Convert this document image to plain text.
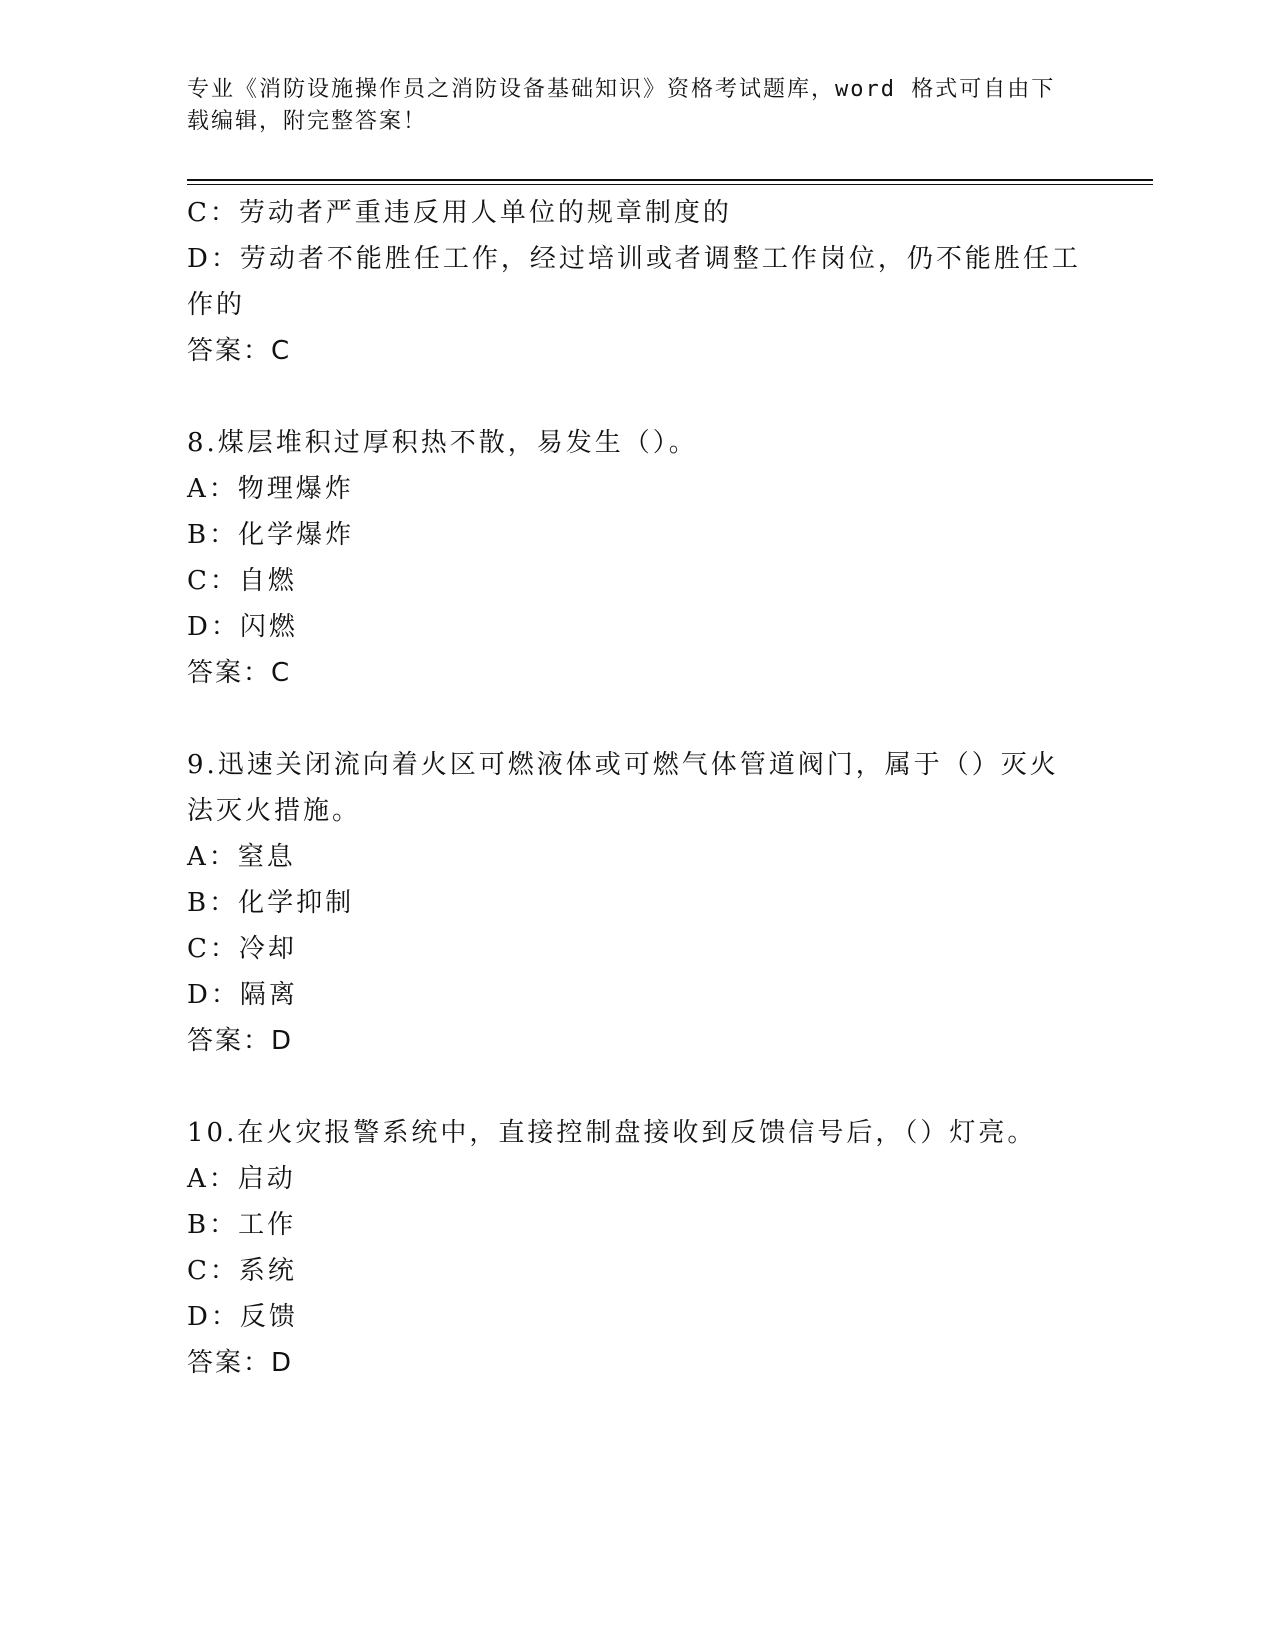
专业《消防设施操作员之消防设备基础知识》资格考试题库，word 格式可自由下
载编辑，附完整答案！
C：劳动者严重违反用人单位的规章制度的
D：劳动者不能胜任工作，经过培训或者调整工作岗位，仍不能胜任工
作的
答案：C
8.煤层堆积过厚积热不散，易发生（）。
A：物理爆炸
B：化学爆炸
C：自燃
D：闪燃
答案：C
9.迅速关闭流向着火区可燃液体或可燃气体管道阀门，属于（）灭火
法灭火措施。
A：窒息
B：化学抑制
C：冷却
D：隔离
答案：D
10.在火灾报警系统中，直接控制盘接收到反馈信号后，（）灯亮。
A：启动
B：工作
C：系统
D：反馈
答案：D
